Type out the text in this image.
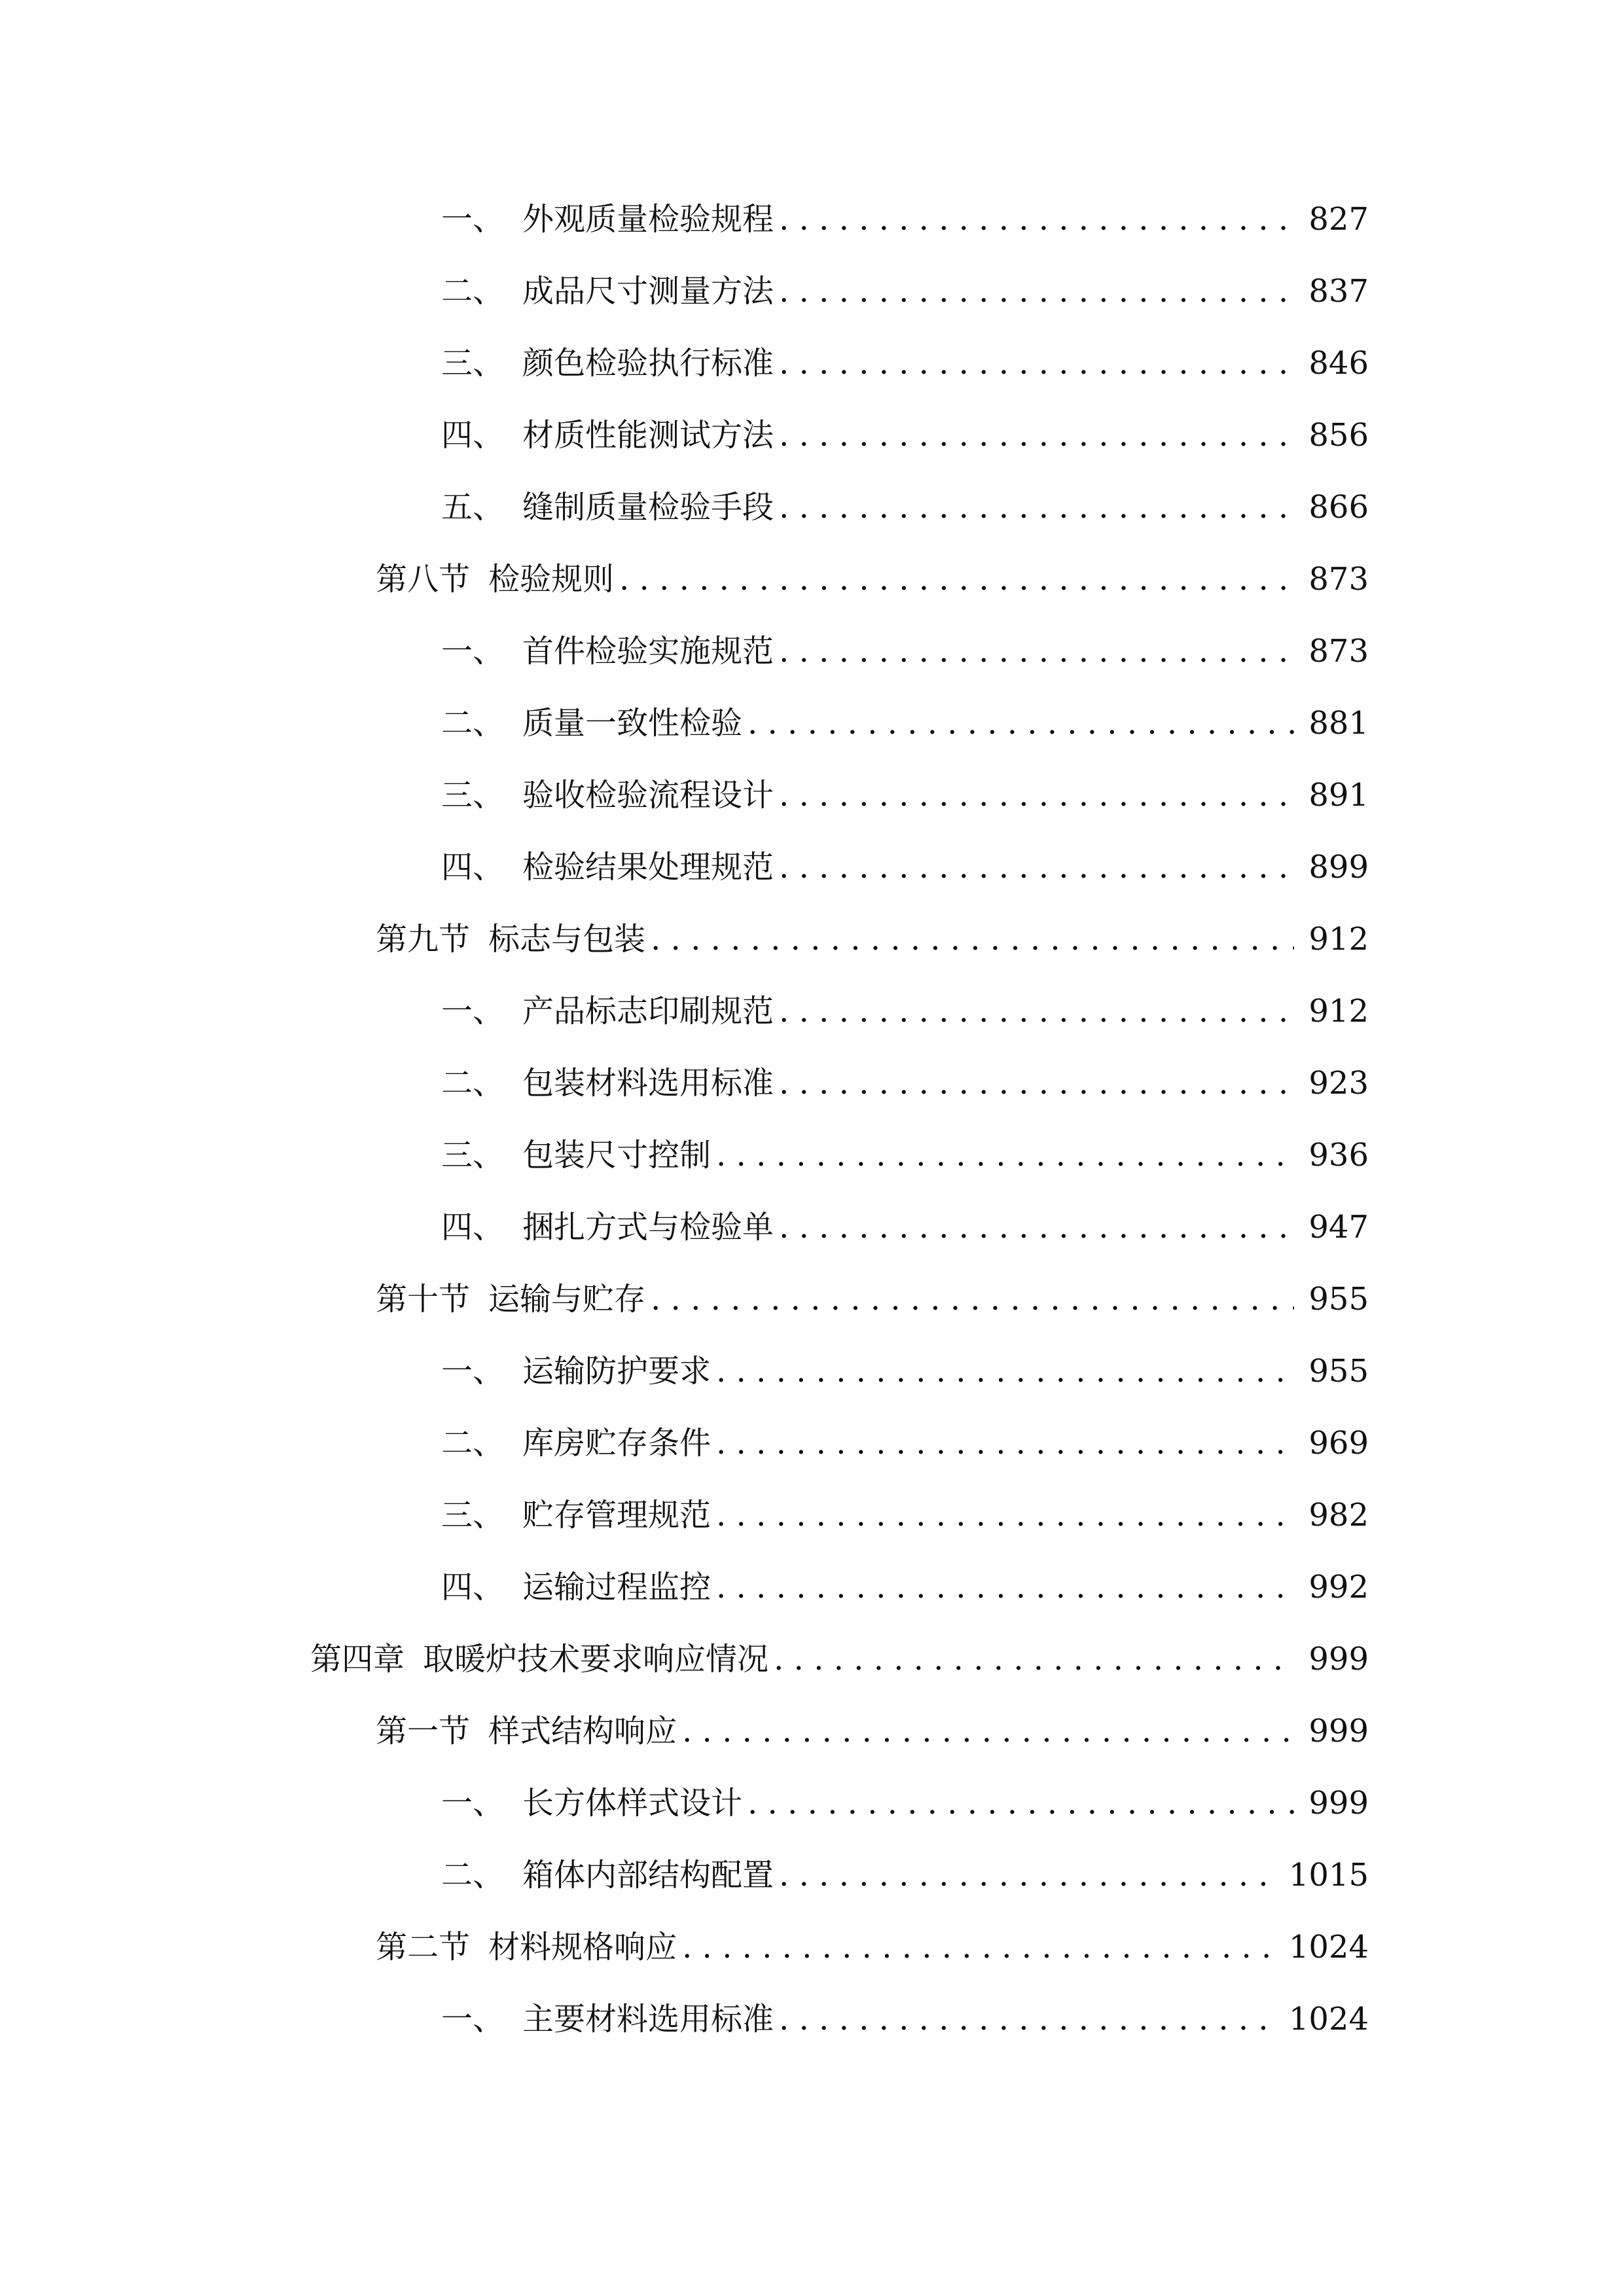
一、 外观质量检验规程 . . .	827
二、 成品尺寸测量方法 . . .	837
三、 颜色检验执行标准 . . .	846
四、 材质性能测试方法 . . .	856
五、 缝制质量检验手段 . . .	866
第八节 检验规则 . . .	873
一、 首件检验实施规范 . . .	873
二、 质量一致性检验 . . .	881
三、 验收检验流程设计 . . .	891
四、 检验结果处理规范 . . .	899
第九节 标志与包装 . . .	912
一、 产品标志印刷规范 . . .	912
二、 包装材料选用标准 . . .	923
三、 包装尺寸控制 . . .	936
四、 捆扎方式与检验单 . . .	947
第十节 运输与贮存 . . .	955
一、 运输防护要求 . . .	955
二、 库房贮存条件 . . .	969
三、 贮存管理规范 . . .	982
四、 运输过程监控 . . .	992
第四章 取暖炉技术要求响应情况 . . .	999
第一节 样式结构响应 . . .	999
一、 长方体样式设计 . . .	999
二、 箱体内部结构配置 . . .	1015
第二节 材料规格响应 . . .	1024
一、 主要材料选用标准 . . .	1024
